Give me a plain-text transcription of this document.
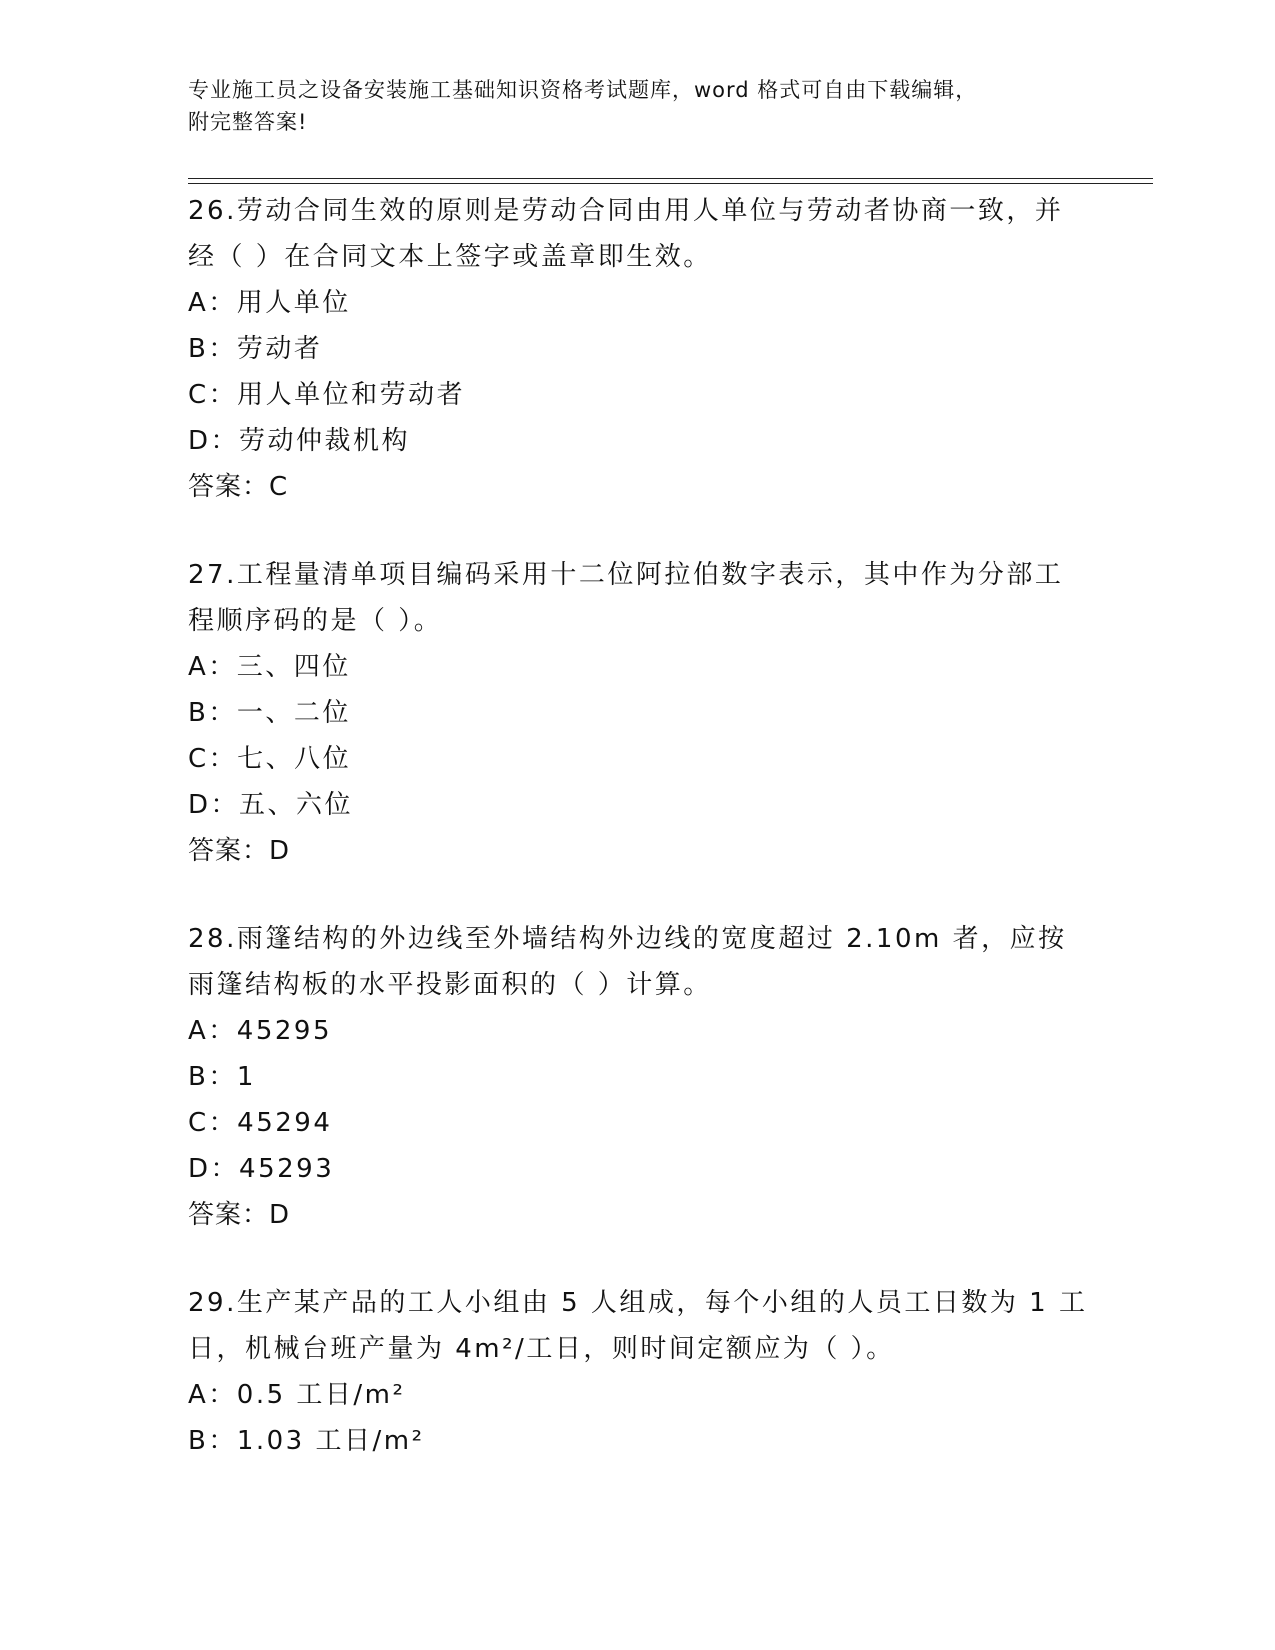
专业施工员之设备安装施工基础知识资格考试题库，word 格式可自由下载编辑，
附完整答案!
26.劳动合同生效的原则是劳动合同由用人单位与劳动者协商一致，并经（ ）在合同文本上签字或盖章即生效。
A：用人单位
B：劳动者
C：用人单位和劳动者
D：劳动仲裁机构
答案：C
27.工程量清单项目编码采用十二位阿拉伯数字表示，其中作为分部工程顺序码的是（ ）。
A：三、四位
B：一、二位
C：七、八位
D：五、六位
答案：D
28.雨篷结构的外边线至外墙结构外边线的宽度超过 2.10m 者，应按雨篷结构板的水平投影面积的（ ）计算。
A：45295
B：1
C：45294
D：45293
答案：D
29.生产某产品的工人小组由 5 人组成，每个小组的人员工日数为 1 工日，机械台班产量为 4m²/工日，则时间定额应为（ ）。
A：0.5 工日/m²
B：1.03 工日/m²
